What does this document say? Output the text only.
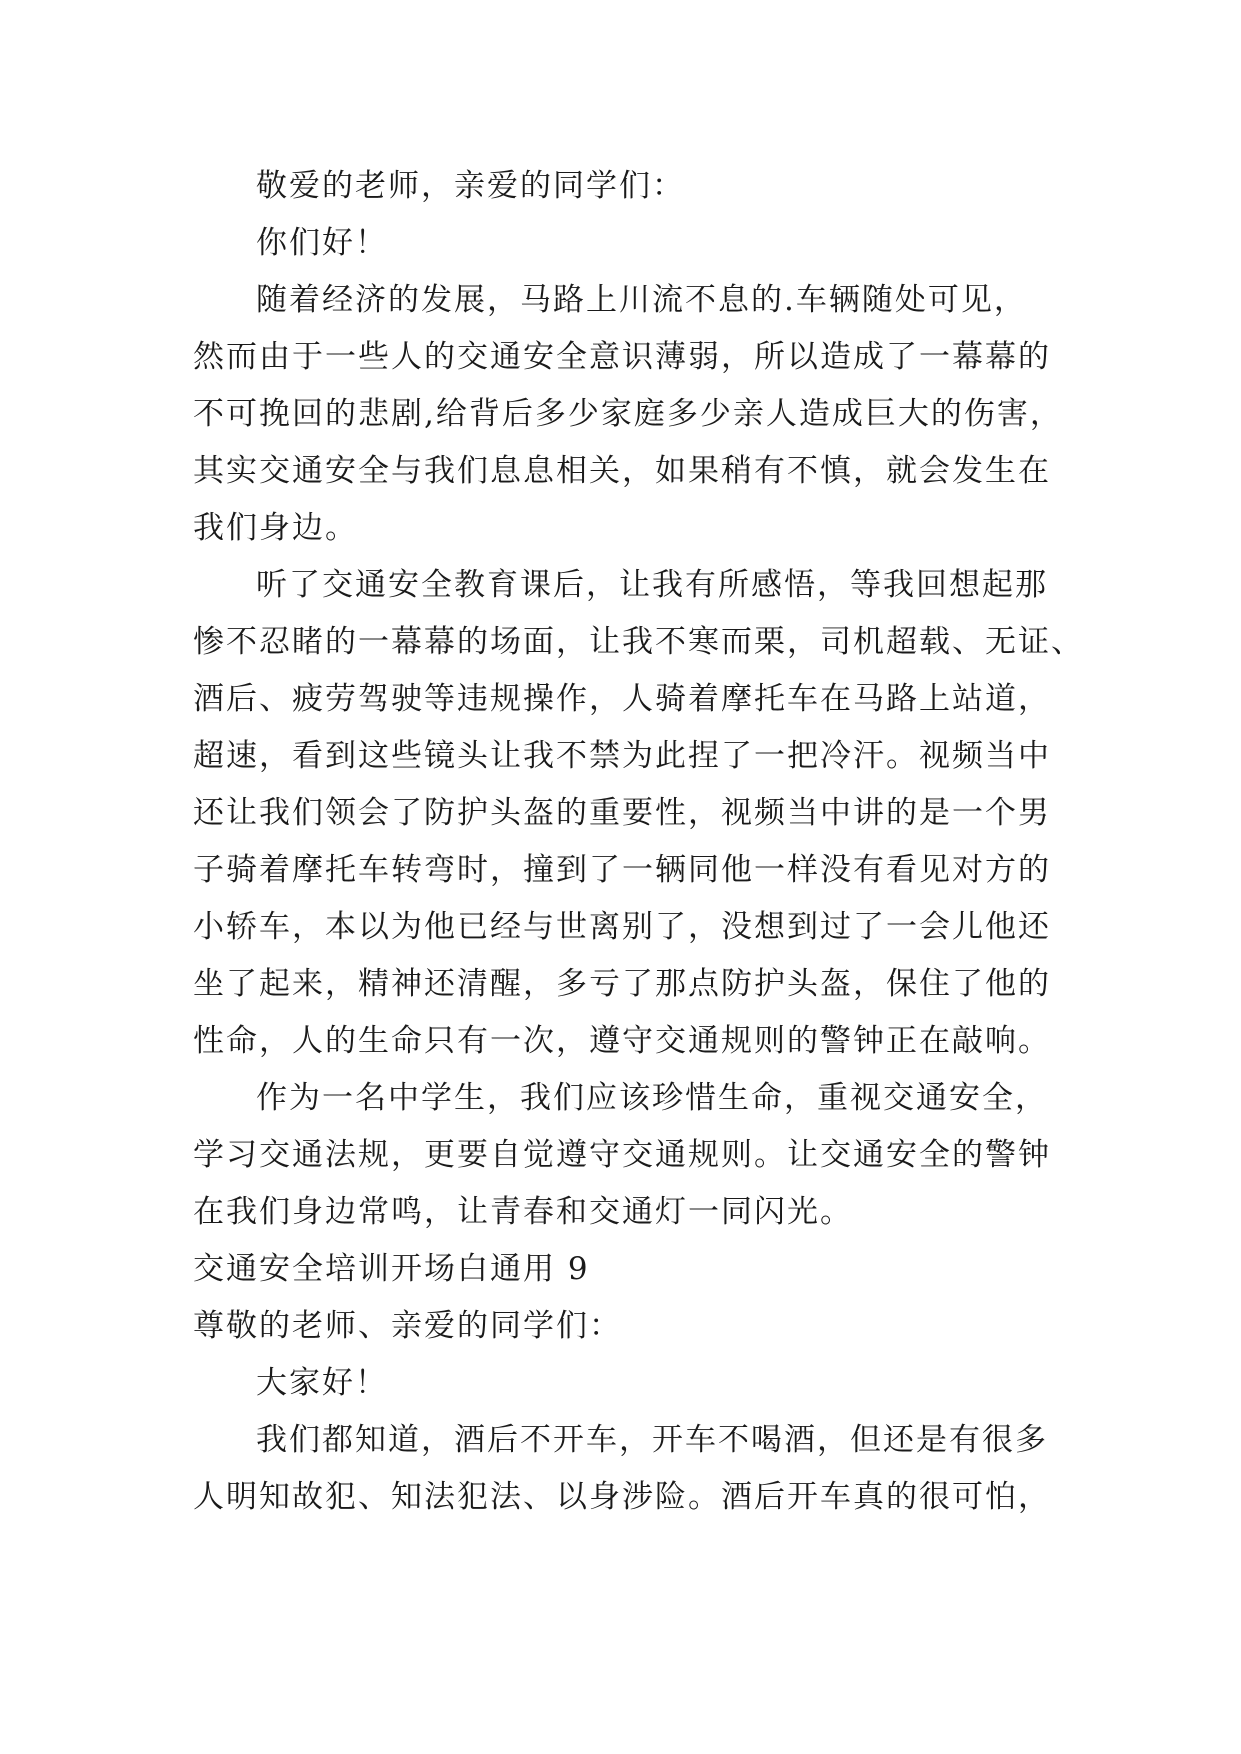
敬爱的老师，亲爱的同学们：
你们好！
随着经济的发展，马路上川流不息的.车辆随处可见，
然而由于一些人的交通安全意识薄弱，所以造成了一幕幕的
不可挽回的悲剧,给背后多少家庭多少亲人造成巨大的伤害，
其实交通安全与我们息息相关，如果稍有不慎，就会发生在
我们身边。
听了交通安全教育课后，让我有所感悟，等我回想起那
惨不忍睹的一幕幕的场面，让我不寒而栗，司机超载、无证、
酒后、疲劳驾驶等违规操作，人骑着摩托车在马路上站道，
超速，看到这些镜头让我不禁为此捏了一把冷汗。视频当中
还让我们领会了防护头盔的重要性，视频当中讲的是一个男
子骑着摩托车转弯时，撞到了一辆同他一样没有看见对方的
小轿车，本以为他已经与世离别了，没想到过了一会儿他还
坐了起来，精神还清醒，多亏了那点防护头盔，保住了他的
性命，人的生命只有一次，遵守交通规则的警钟正在敲响。
作为一名中学生，我们应该珍惜生命，重视交通安全，
学习交通法规，更要自觉遵守交通规则。让交通安全的警钟
在我们身边常鸣，让青春和交通灯一同闪光。
交通安全培训开场白通用 9
尊敬的老师、亲爱的同学们：
大家好！
我们都知道，酒后不开车，开车不喝酒，但还是有很多
人明知故犯、知法犯法、以身涉险。酒后开车真的很可怕，
